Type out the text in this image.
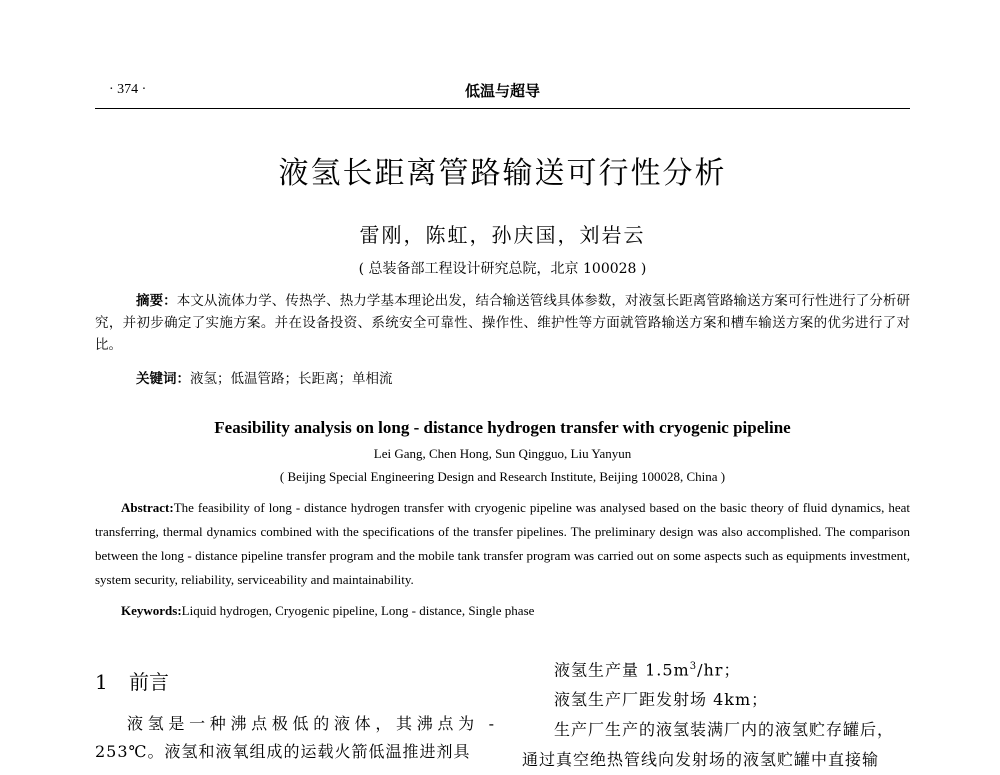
· 374 ·	低温与超导
液氢长距离管路输送可行性分析
雷刚，陈虹，孙庆国，刘岩云
( 总装备部工程设计研究总院，北京 100028 )
摘要：本文从流体力学、传热学、热力学基本理论出发，结合输送管线具体参数，对液氢长距离管路输送方案可行性进行了分析研究，并初步确定了实施方案。并在设备投资、系统安全可靠性、操作性、维护性等方面就管路输送方案和槽车输送方案的优劣进行了对比。
关键词：液氢；低温管路；长距离；单相流
Feasibility analysis on long - distance hydrogen transfer with cryogenic pipeline
Lei Gang, Chen Hong, Sun Qingguo, Liu Yanyun
( Beijing Special Engineering Design and Research Institute, Beijing 100028, China )
Abstract:The feasibility of long - distance hydrogen transfer with cryogenic pipeline was analysed based on the basic theory of fluid dynamics, heat transferring, thermal dynamics combined with the specifications of the transfer pipelines. The preliminary design was also accomplished. The comparison between the long - distance pipeline transfer program and the mobile tank transfer program was carried out on some aspects such as equipments investment, system security, reliability, serviceability and maintainability.
Keywords:Liquid hydrogen, Cryogenic pipeline, Long - distance, Single phase
1 前言
液氢是一种沸点极低的液体，其沸点为 - 253℃。液氢和液氧组成的运载火箭低温推进剂具

液氢生产量 $1.5m^3/hr$；

液氢生产厂距发射场 4km；

生产厂生产的液氢装满厂内的液氢贮存罐后，

通过真空绝热管线向发射场的液氢贮罐中直接输
